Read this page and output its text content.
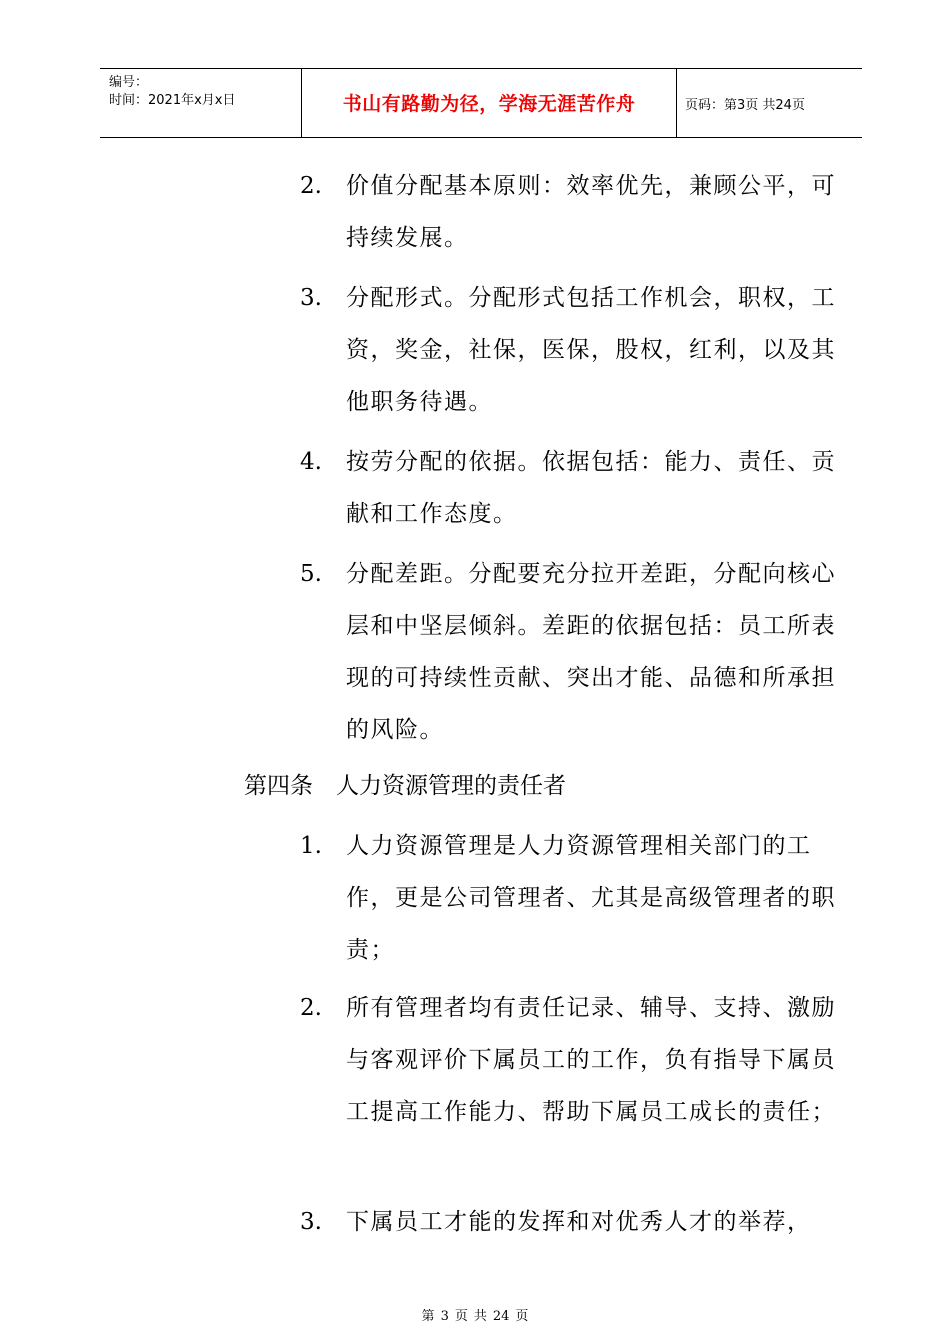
编号：
时间：2021年x月x日	书山有路勤为径，学海无涯苦作舟	页码：第3页 共24页
2.	价值分配基本原则：效率优先，兼顾公平，可持续发展。
3.	分配形式。分配形式包括工作机会，职权，工资，奖金，社保，医保，股权，红利，以及其他职务待遇。
4.	按劳分配的依据。依据包括：能力、责任、贡献和工作态度。
5.	分配差距。分配要充分拉开差距，分配向核心层和中坚层倾斜。差距的依据包括：员工所表现的可持续性贡献、突出才能、品德和所承担的风险。
第四条　人力资源管理的责任者
1.	人力资源管理是人力资源管理相关部门的工作，更是公司管理者、尤其是高级管理者的职责；
2.	所有管理者均有责任记录、辅导、支持、激励与客观评价下属员工的工作，负有指导下属员工提高工作能力、帮助下属员工成长的责任；
3.	下属员工才能的发挥和对优秀人才的举荐，
第 3 页 共 24 页
